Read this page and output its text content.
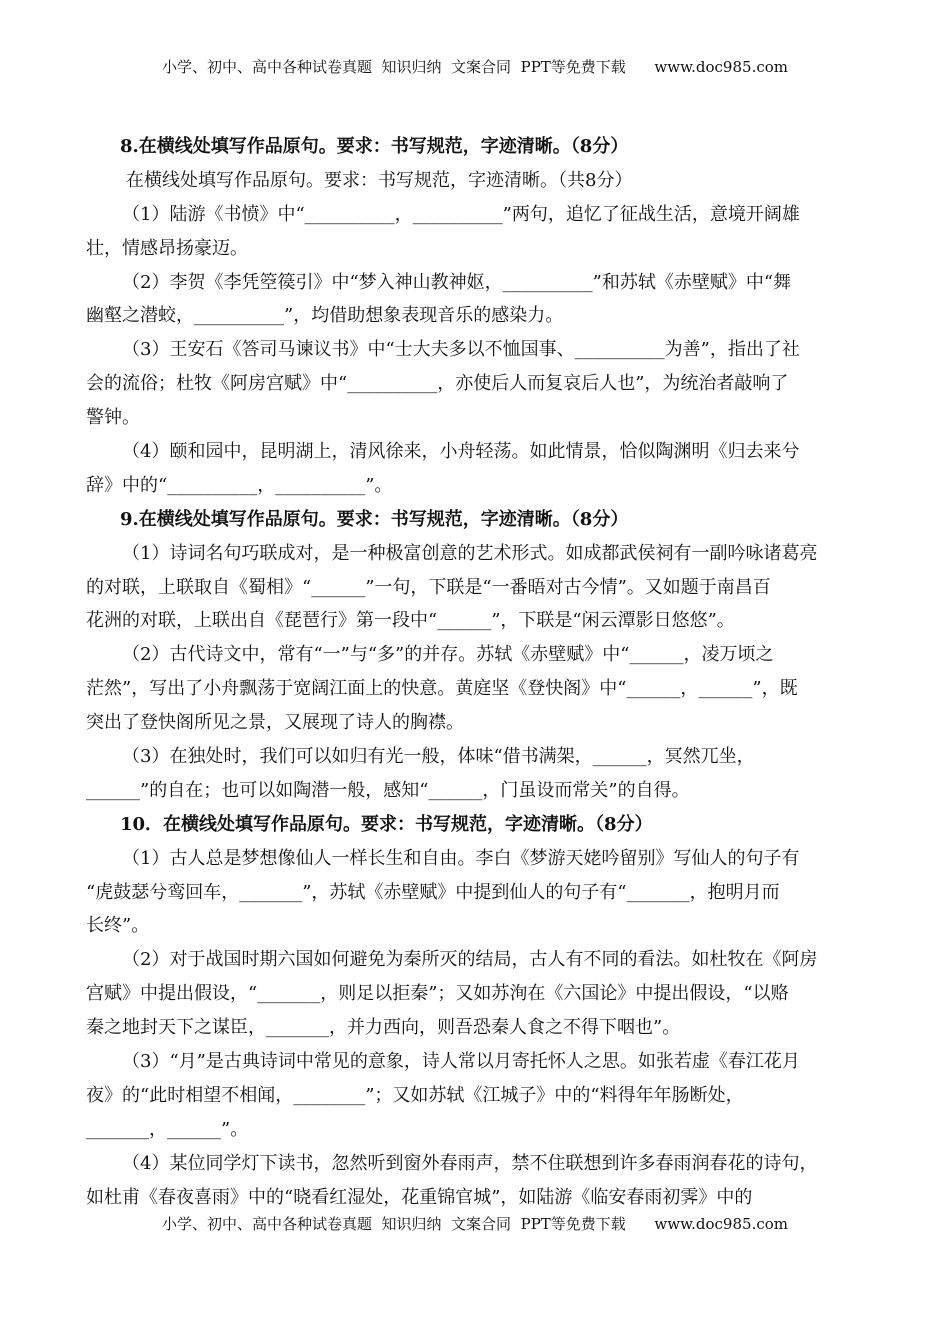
小学、初中、高中各种试卷真题  知识归纳  文案合同  PPT等免费下载      www.doc985.com
8.在横线处填写作品原句。要求：书写规范，字迹清晰。（8分）
在横线处填写作品原句。要求：书写规范，字迹清晰。（共8分）
（1）陆游《书愤》中“__________，__________”两句，追忆了征战生活，意境开阔雄
壮，情感昂扬豪迈。
（2）李贺《李凭箜篌引》中“梦入神山教神妪，__________”和苏轼《赤壁赋》中“舞
幽壑之潜蛟，__________”，均借助想象表现音乐的感染力。
（3）王安石《答司马谏议书》中“士大夫多以不恤国事、__________为善”，指出了社
会的流俗；杜牧《阿房宫赋》中“__________，亦使后人而复哀后人也”，为统治者敲响了
警钟。
（4）颐和园中，昆明湖上，清风徐来，小舟轻荡。如此情景，恰似陶渊明《归去来兮
辞》中的“__________，__________”。
9.在横线处填写作品原句。要求：书写规范，字迹清晰。（8分）
（1）诗词名句巧联成对，是一种极富创意的艺术形式。如成都武侯祠有一副吟咏诸葛亮
的对联，上联取自《蜀相》“______”一句，下联是“一番晤对古今情”。又如题于南昌百
花洲的对联，上联出自《琵琶行》第一段中“______”，下联是“闲云潭影日悠悠”。
（2）古代诗文中，常有“一”与“多”的并存。苏轼《赤壁赋》中“______，凌万顷之
茫然”，写出了小舟飘荡于宽阔江面上的快意。黄庭坚《登快阁》中“______，______”，既
突出了登快阁所见之景，又展现了诗人的胸襟。
（3）在独处时，我们可以如归有光一般，体味“借书满架，______，冥然兀坐，
______”的自在；也可以如陶潜一般，感知“______，门虽设而常关”的自得。
10．在横线处填写作品原句。要求：书写规范，字迹清晰。（8分）
（1）古人总是梦想像仙人一样长生和自由。李白《梦游天姥吟留别》写仙人的句子有
“虎鼓瑟兮鸾回车，_______”，苏轼《赤壁赋》中提到仙人的句子有“_______，抱明月而
长终”。
（2）对于战国时期六国如何避免为秦所灭的结局，古人有不同的看法。如杜牧在《阿房
宫赋》中提出假设，“_______，则足以拒秦”；又如苏洵在《六国论》中提出假设，“以赂
秦之地封天下之谋臣，_______，并力西向，则吾恐秦人食之不得下咽也”。
（3）“月”是古典诗词中常见的意象，诗人常以月寄托怀人之思。如张若虚《春江花月
夜》的“此时相望不相闻，________”；又如苏轼《江城子》中的“料得年年肠断处，
_______，______”。
（4）某位同学灯下读书，忽然听到窗外春雨声，禁不住联想到许多春雨润春花的诗句，
如杜甫《春夜喜雨》中的“晓看红湿处，花重锦官城”，如陆游《临安春雨初霁》中的
小学、初中、高中各种试卷真题  知识归纳  文案合同  PPT等免费下载      www.doc985.com
